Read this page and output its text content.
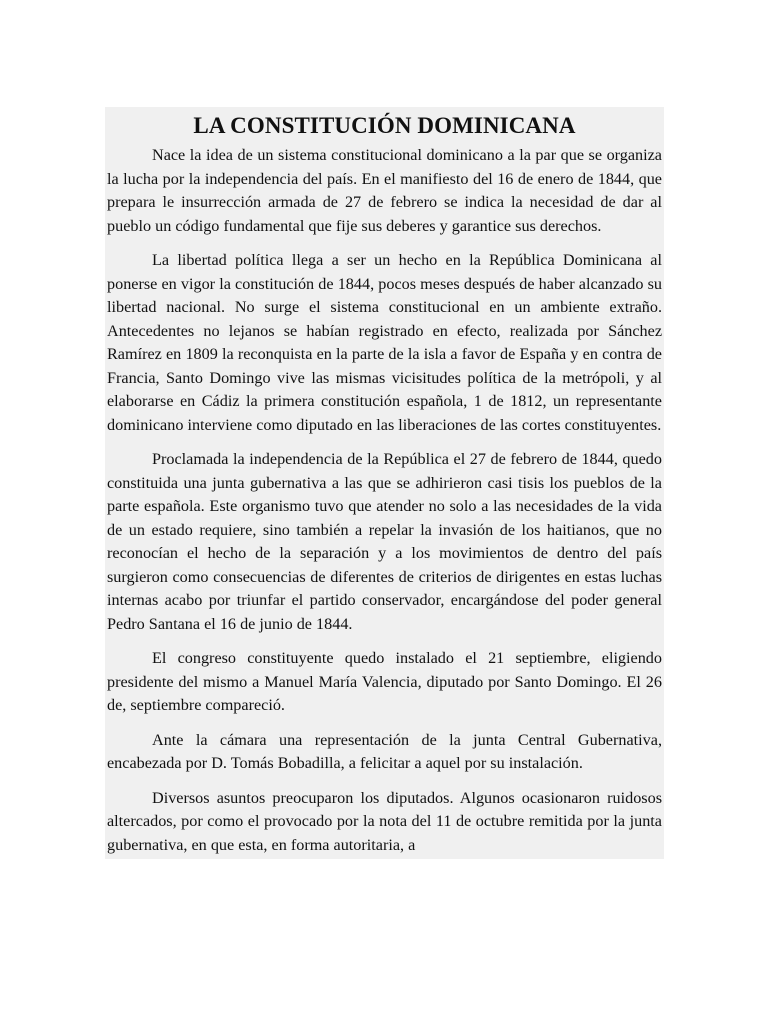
LA CONSTITUCIÓN DOMINICANA

Nace la idea de un sistema constitucional dominicano a la par que se organiza la lucha por la independencia del país. En el manifiesto del 16 de enero de 1844, que prepara le insurrección armada de 27 de febrero se indica la necesidad de dar al pueblo un código fundamental que fije sus deberes y garantice sus derechos.

La libertad política llega a ser un hecho en la República Dominicana al ponerse en vigor la constitución de 1844, pocos meses después de haber alcanzado su libertad nacional. No surge el sistema constitucional en un ambiente extraño. Antecedentes no lejanos se habían registrado en efecto, realizada por Sánchez Ramírez en 1809 la reconquista en la parte de la isla a favor de España y en contra de Francia, Santo Domingo vive las mismas vicisitudes política de la metrópoli, y al elaborarse en Cádiz la primera constitución española, 1 de 1812, un representante dominicano interviene como diputado en las liberaciones de las cortes constituyentes.

Proclamada la independencia de la República el 27 de febrero de 1844, quedo constituida una junta gubernativa a las que se adhirieron casi tisis los pueblos de la parte española. Este organismo tuvo que atender no solo a las necesidades de la vida de un estado requiere, sino también a repelar la invasión de los haitianos, que no reconocían el hecho de la separación y a los movimientos de dentro del país surgieron como consecuencias de diferentes de criterios de dirigentes en estas luchas internas acabo por triunfar el partido conservador, encargándose del poder general Pedro Santana el 16 de junio de 1844.

El congreso constituyente quedo instalado el 21 septiembre, eligiendo presidente del mismo a Manuel María Valencia, diputado por Santo Domingo. El 26 de, septiembre compareció.

Ante la cámara una representación de la junta Central Gubernativa, encabezada por D. Tomás Bobadilla, a felicitar a aquel por su instalación.

Diversos asuntos preocuparon los diputados. Algunos ocasionaron ruidosos altercados, por como el provocado por la nota del 11 de octubre remitida por la junta gubernativa, en que esta, en forma autoritaria, a
